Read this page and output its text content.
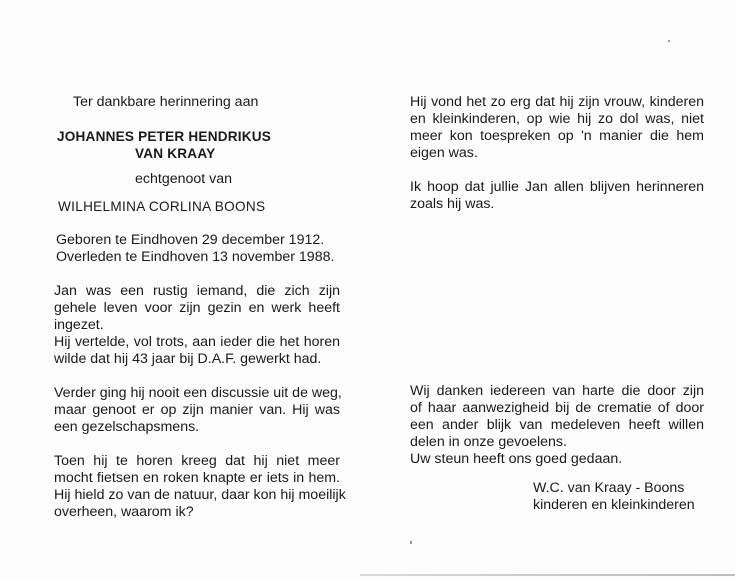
Ter dankbare herinnering aan
JOHANNES PETER HENDRIKUS
VAN KRAAY
echtgenoot van
WILHELMINA CORLINA BOONS
Geboren te Eindhoven 29 december 1912.
Overleden te Eindhoven 13 november 1988.
Jan was een rustig iemand, die zich zijn
gehele leven voor zijn gezin en werk heeft
ingezet.
Hij vertelde, vol trots, aan ieder die het horen
wilde dat hij 43 jaar bij D.A.F. gewerkt had.
Verder ging hij nooit een discussie uit de weg,
maar genoot er op zijn manier van. Hij was
een gezelschapsmens.
Toen hij te horen kreeg dat hij niet meer
mocht fietsen en roken knapte er iets in hem.
Hij hield zo van de natuur, daar kon hij moeilijk
overheen, waarom ik?
Hij vond het zo erg dat hij zijn vrouw, kinderen
en kleinkinderen, op wie hij zo dol was, niet
meer kon toespreken op 'n manier die hem
eigen was.
Ik hoop dat jullie Jan allen blijven herinneren
zoals hij was.
Wij danken iedereen van harte die door zijn
of haar aanwezigheid bij de crematie of door
een ander blijk van medeleven heeft willen
delen in onze gevoelens.
Uw steun heeft ons goed gedaan.
W.C. van Kraay - Boons
kinderen en kleinkinderen
